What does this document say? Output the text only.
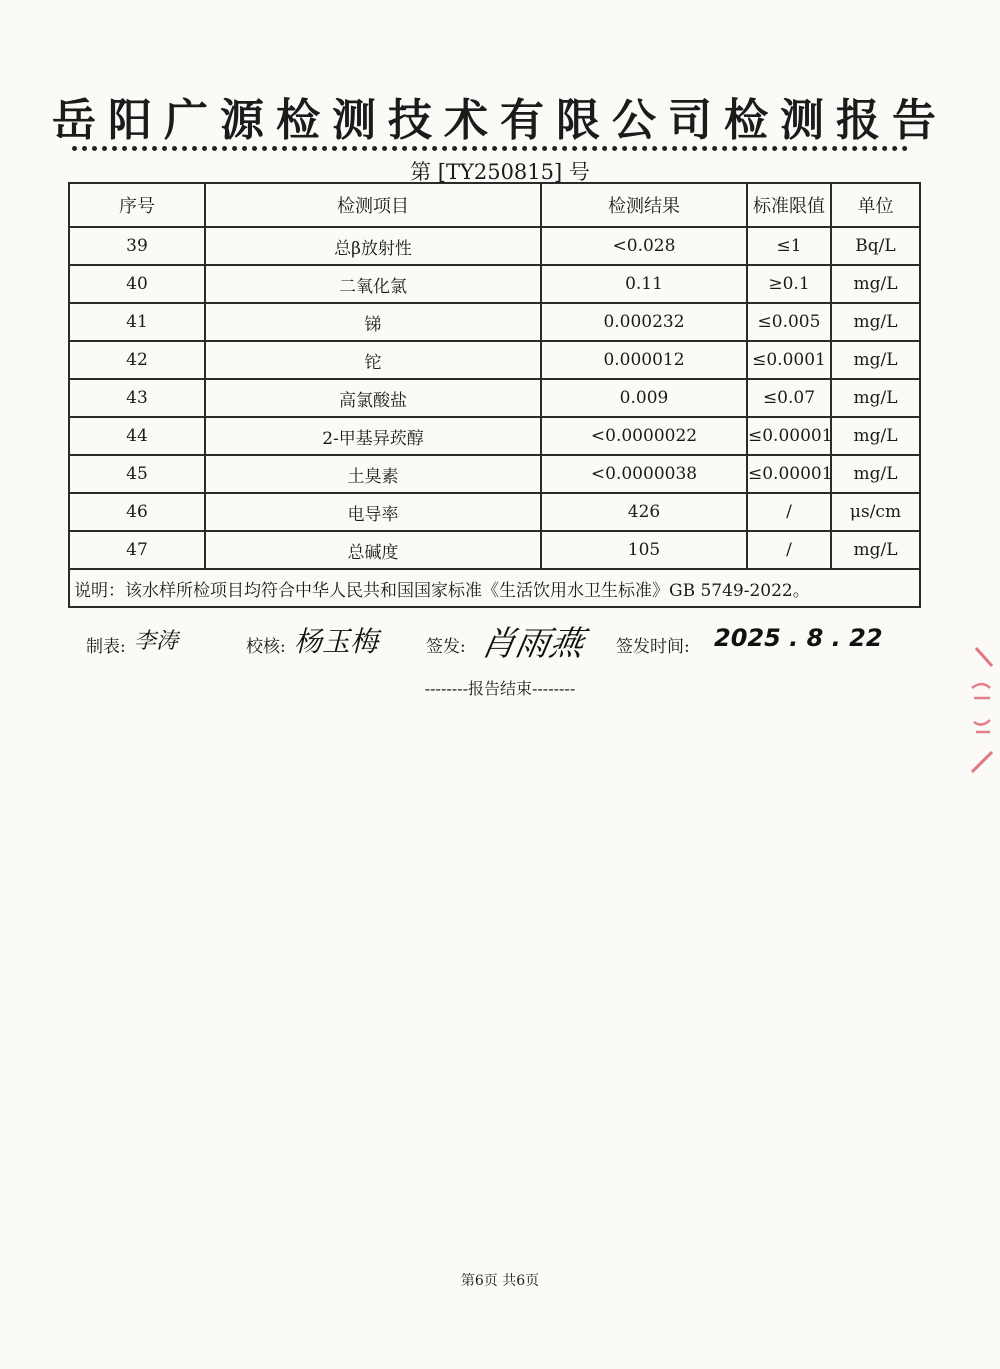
岳阳广源检测技术有限公司检测报告
第 [TY250815] 号
序号	检测项目	检测结果	标准限值	单位
39	总β放射性	<0.028	≤1	Bq/L
40	二氧化氯	0.11	≥0.1	mg/L
41	锑	0.000232	≤0.005	mg/L
42	铊	0.000012	≤0.0001	mg/L
43	高氯酸盐	0.009	≤0.07	mg/L
44	2-甲基异莰醇	<0.0000022	≤0.00001	mg/L
45	土臭素	<0.0000038	≤0.00001	mg/L
46	电导率	426	/	μs/cm
47	总碱度	105	/	mg/L
说明：该水样所检项目均符合中华人民共和国国家标准《生活饮用水卫生标准》GB 5749-2022。				
制表: 李涛	校核: 杨玉梅	签发: 肖雨燕 签发时间: 2025 . 8 . 22
--------报告结束--------
第6页 共6页
